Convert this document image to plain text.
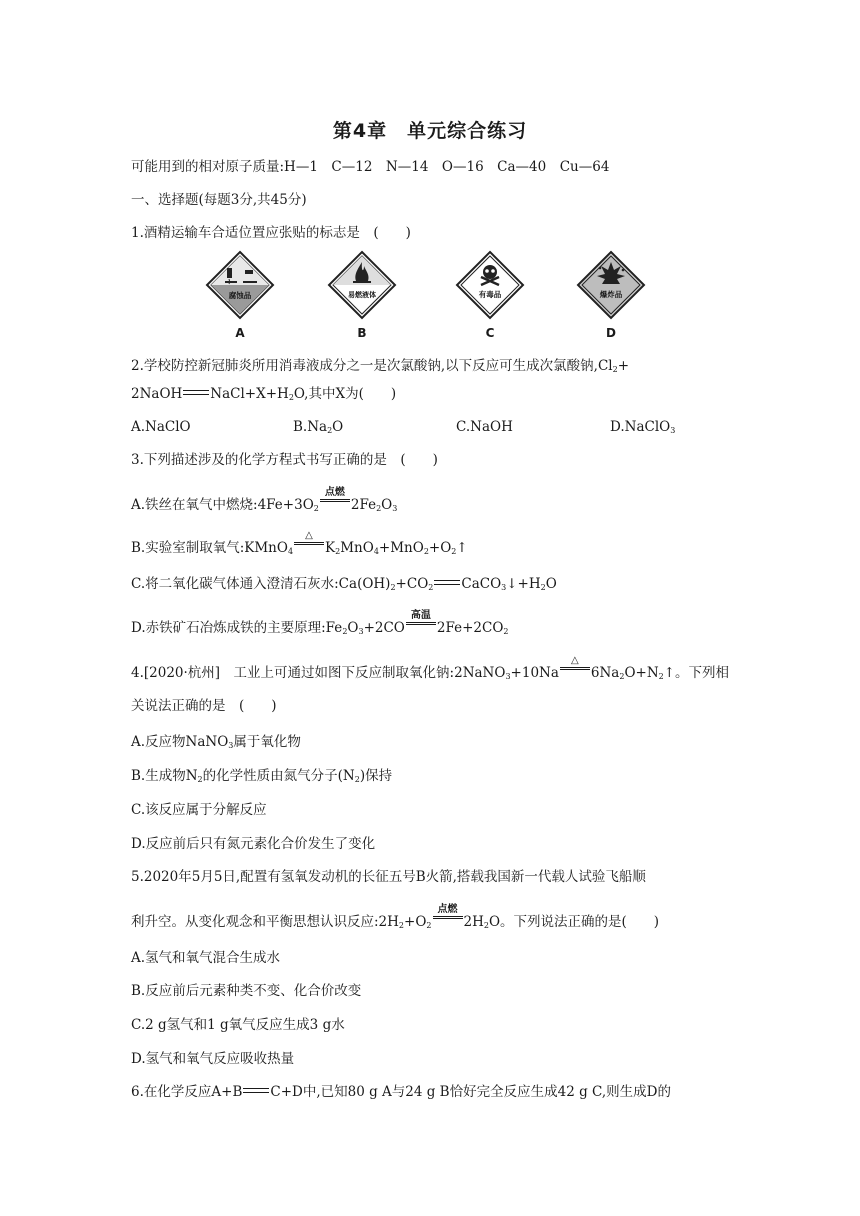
第4章　单元综合练习
可能用到的相对原子质量:H—1　C—12　N—14　O—16　Ca—40　Cu—64
一、选择题(每题3分,共45分)
1.酒精运输车合适位置应张贴的标志是　(　　)
腐蚀品
A
易燃液体
B
有毒品
C
爆炸品
D
2.学校防控新冠肺炎所用消毒液成分之一是次氯酸钠,以下反应可生成次氯酸钠$,Cl_2+$
2NaOH $NaCl+X+H_2O$,其中X为(　　)
A.NaClO	$B.Na_2O$	C.NaOH	D.NaClO$_3$
3.下列描述涉及的化学方程式书写正确的是　(　　)
A.铁丝在氧气中燃烧$:4Fe+3O_2$
点燃
$2Fe_2O_3$
B.实验室制取氧气:KMnO$_4$
△
$K_2MnO_4+MnO_2+O_2↑$
C.将二氧化碳气体通入澄清石灰水$:Ca(OH)_2+CO_2$ $CaCO_3↓+H_2O$
D.赤铁矿石冶炼成铁的主要原理$:Fe_2O_3+2CO$
高温
$2Fe+2CO_2$
4.[2020·杭州]　工业上可通过如图下反应制取氧化钠:2NaNO$_3$+10Na
△
$6Na_2O+N_2↑$。下列相
关说法正确的是　(　　)
A.反应物NaNO$_3$属于氧化物
B.生成物$N_2$的化学性质由氮气分子$(N_2)$保持
C.该反应属于分解反应
D.反应前后只有氮元素化合价发生了变化
5.2020年5月5日,配置有氢氧发动机的长征五号B火箭,搭载我国新一代载人试验飞船顺
利升空。从变化观念和平衡思想认识反应$:2H_2+O_2$
点燃
$2H_2O$。下列说法正确的是(　　)
A.氢气和氧气混合生成水
B.反应前后元素种类不变、化合价改变
C.2 g氢气和1 g氧气反应生成3 g水
D.氢气和氧气反应吸收热量
6.在化学反应A+B C+D中,已知80 g A与24 g B恰好完全反应生成42 g C,则生成D的
